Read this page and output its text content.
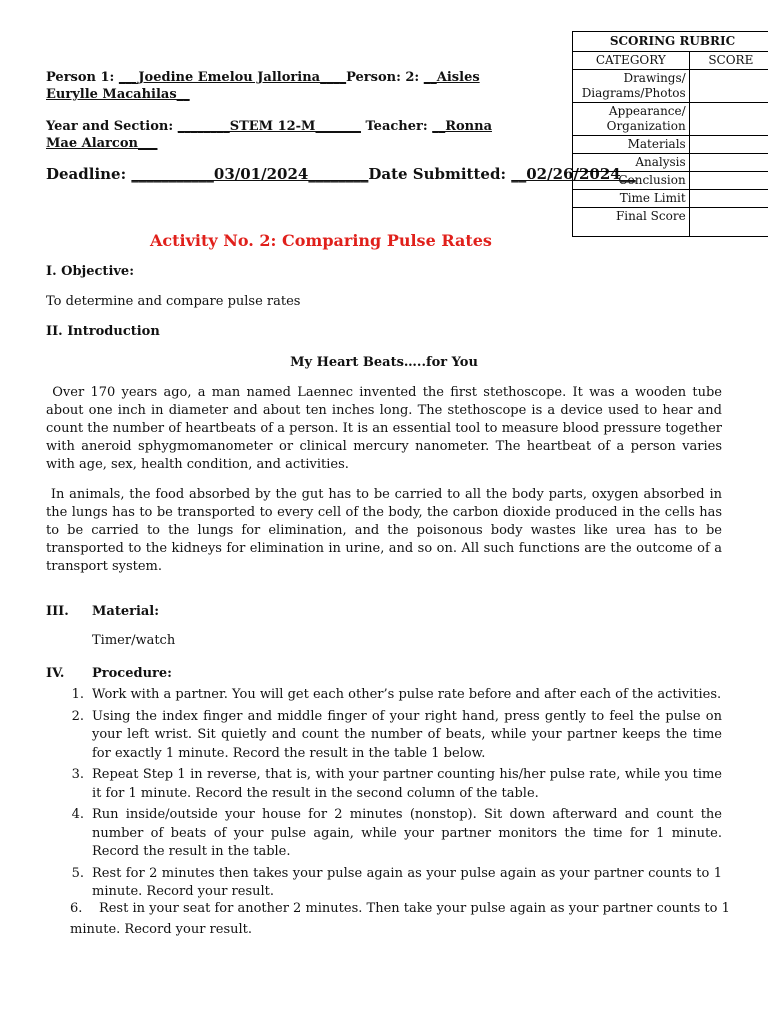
Person 1: ___Joedine Emelou Jallorina____Person: 2: __Aisles Eurylle Macahilas__
Year and Section: ________STEM 12-M_______ Teacher: __Ronna Mae Alarcon___
Deadline: ___________03/01/2024________Date Submitted: __02/26/2024__
SCORING RUBRIC	
CATEGORY	SCORE
Drawings/ Diagrams/Photos	
Appearance/ Organization	
Materials	
Analysis	
Conclusion	
Time Limit	
Final Score	
Activity No. 2: Comparing Pulse Rates
I. Objective:
To determine and compare pulse rates
II. Introduction
My Heart Beats…..for You
Over 170 years ago, a man named Laennec invented the first stethoscope. It was a wooden tube about one inch in diameter and about ten inches long. The stethoscope is a device used to hear and count the number of heartbeats of a person. It is an essential tool to measure blood pressure together with aneroid sphygmomanometer or clinical mercury nanometer. The heartbeat of a person varies with age, sex, health condition, and activities.
In animals, the food absorbed by the gut has to be carried to all the body parts, oxygen absorbed in the lungs has to be transported to every cell of the body, the carbon dioxide produced in the cells has to be carried to the lungs for elimination, and the poisonous body wastes like urea has to be transported to the kidneys for elimination in urine, and so on. All such functions are the outcome of a transport system.
III. Material:
Timer/watch
IV. Procedure:
1. Work with a partner. You will get each other’s pulse rate before and after each of the activities.
2. Using the index finger and middle finger of your right hand, press gently to feel the pulse on your left wrist. Sit quietly and count the number of beats, while your partner keeps the time for exactly 1 minute. Record the result in the table 1 below.
3. Repeat Step 1 in reverse, that is, with your partner counting his/her pulse rate, while you time it for 1 minute. Record the result in the second column of the table.
4. Run inside/outside your house for 2 minutes (nonstop). Sit down afterward and count the number of beats of your pulse again, while your partner monitors the time for 1 minute. Record the result in the table.
5. Rest for 2 minutes then takes your pulse again as your pulse again as your partner counts to 1 minute. Record your result.
6. Rest in your seat for another 2 minutes. Then take your pulse again as your partner counts to 1
minute. Record your result.
